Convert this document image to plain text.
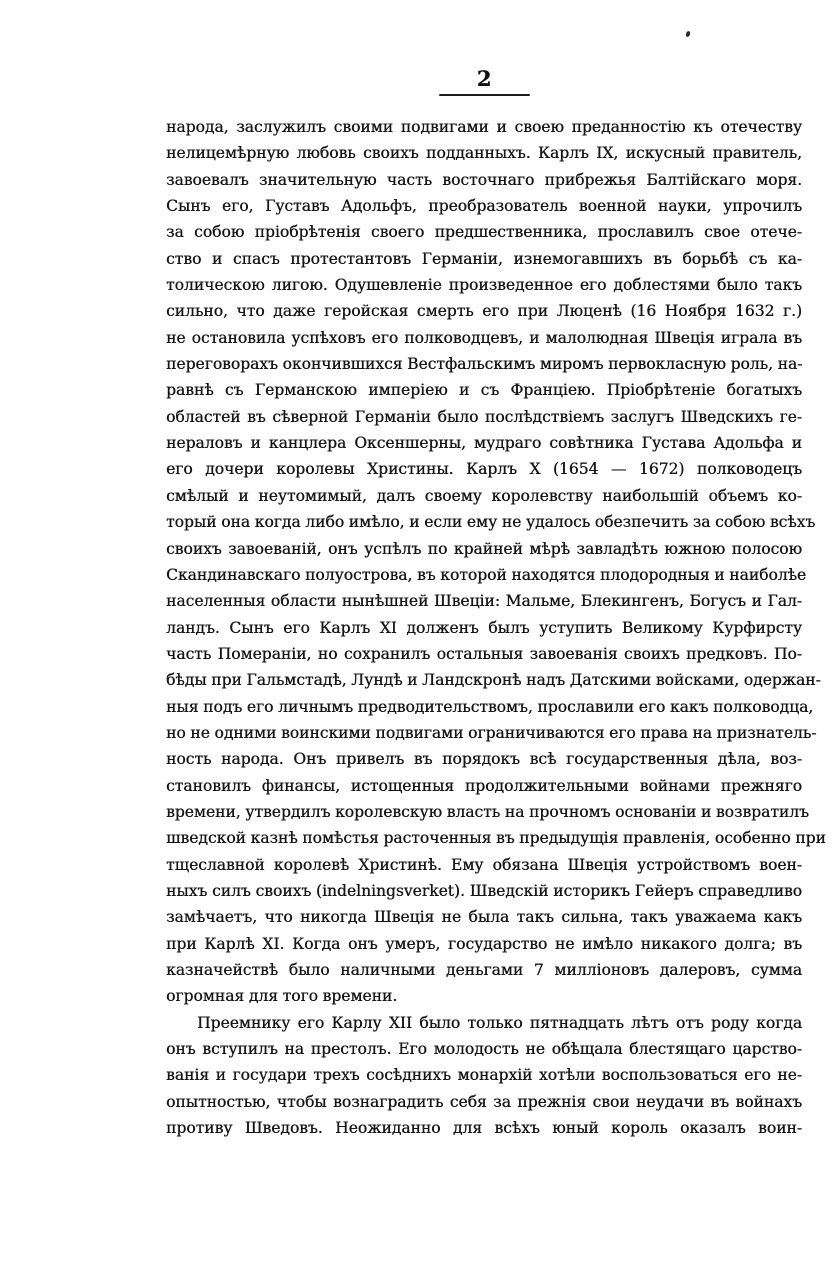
2
народа, заслужилъ своими подвигами и своею преданностію къ отечеству
нелицемѣрную любовь своихъ подданныхъ. Карлъ IX, искусный правитель,
завоевалъ значительную часть восточнаго прибрежья Балтійскаго моря.
Сынъ его, Густавъ Адольфъ, преобразователь военной науки, упрочилъ
за собою пріобрѣтенія своего предшественника, прославилъ свое отече-
ство и спасъ протестантовъ Германіи, изнемогавшихъ въ борьбѣ съ ка-
толическою лигою. Одушевленіе произведенное его доблестями было такъ
сильно, что даже геройская смерть его при Люценѣ (16 Ноября 1632 г.)
не остановила успѣховъ его полководцевъ, и малолюдная Швеція играла въ
переговорахъ окончившихся Вестфальскимъ миромъ первокласную роль, на-
равнѣ съ Германскою имперіею и съ Франціею. Пріобрѣтеніе богатыхъ
областей въ сѣверной Германіи было послѣдствіемъ заслугъ Шведскихъ ге-
нераловъ и канцлера Оксеншерны, мудраго совѣтника Густава Адольфа и
его дочери королевы Христины. Карлъ X (1654 — 1672) полководецъ
смѣлый и неутомимый, далъ своему королевству наибольшій объемъ ко-
торый она когда либо имѣло, и если ему не удалось обезпечить за собою всѣхъ
своихъ завоеваній, онъ успѣлъ по крайней мѣрѣ завладѣть южною полосою
Скандинавскаго полуострова, въ которой находятся плодородныя и наиболѣе
населенныя области нынѣшней Швеціи: Мальме, Блекингенъ, Богусъ и Гал-
ландъ. Сынъ его Карлъ XI долженъ былъ уступить Великому Курфирсту
часть Помераніи, но сохранилъ остальныя завоеванія своихъ предковъ. По-
бѣды при Гальмстадѣ, Лундѣ и Ландскронѣ надъ Датскими войсками, одержан-
ныя подъ его личнымъ предводительствомъ, прославили его какъ полководца,
но не одними воинскими подвигами ограничиваются его права на признатель-
ность народа. Онъ привелъ въ порядокъ всѣ государственныя дѣла, воз-
становилъ финансы, истощенныя продолжительными войнами прежняго
времени, утвердилъ королевскую власть на прочномъ основаніи и возвратилъ
шведской казнѣ помѣстья расточенныя въ предыдущія правленія, особенно при
тщеславной королевѣ Христинѣ. Ему обязана Швеція устройствомъ воен-
ныхъ силъ своихъ (indelningsverket). Шведскій историкъ Гейеръ справедливо
замѣчаетъ, что никогда Швеція не была такъ сильна, такъ уважаема какъ
при Карлѣ XI. Когда онъ умеръ, государство не имѣло никакого долга; въ
казначействѣ было наличными деньгами 7 милліоновъ далеровъ, сумма
огромная для того времени.
Преемнику его Карлу XII было только пятнадцать лѣтъ отъ роду когда
онъ вступилъ на престолъ. Его молодость не обѣщала блестящаго царство-
ванія и государи трехъ сосѣднихъ монархій хотѣли воспользоваться его не-
опытностью, чтобы вознаградить себя за прежнія свои неудачи въ войнахъ
противу Шведовъ. Неожиданно для всѣхъ юный король оказалъ воин-
